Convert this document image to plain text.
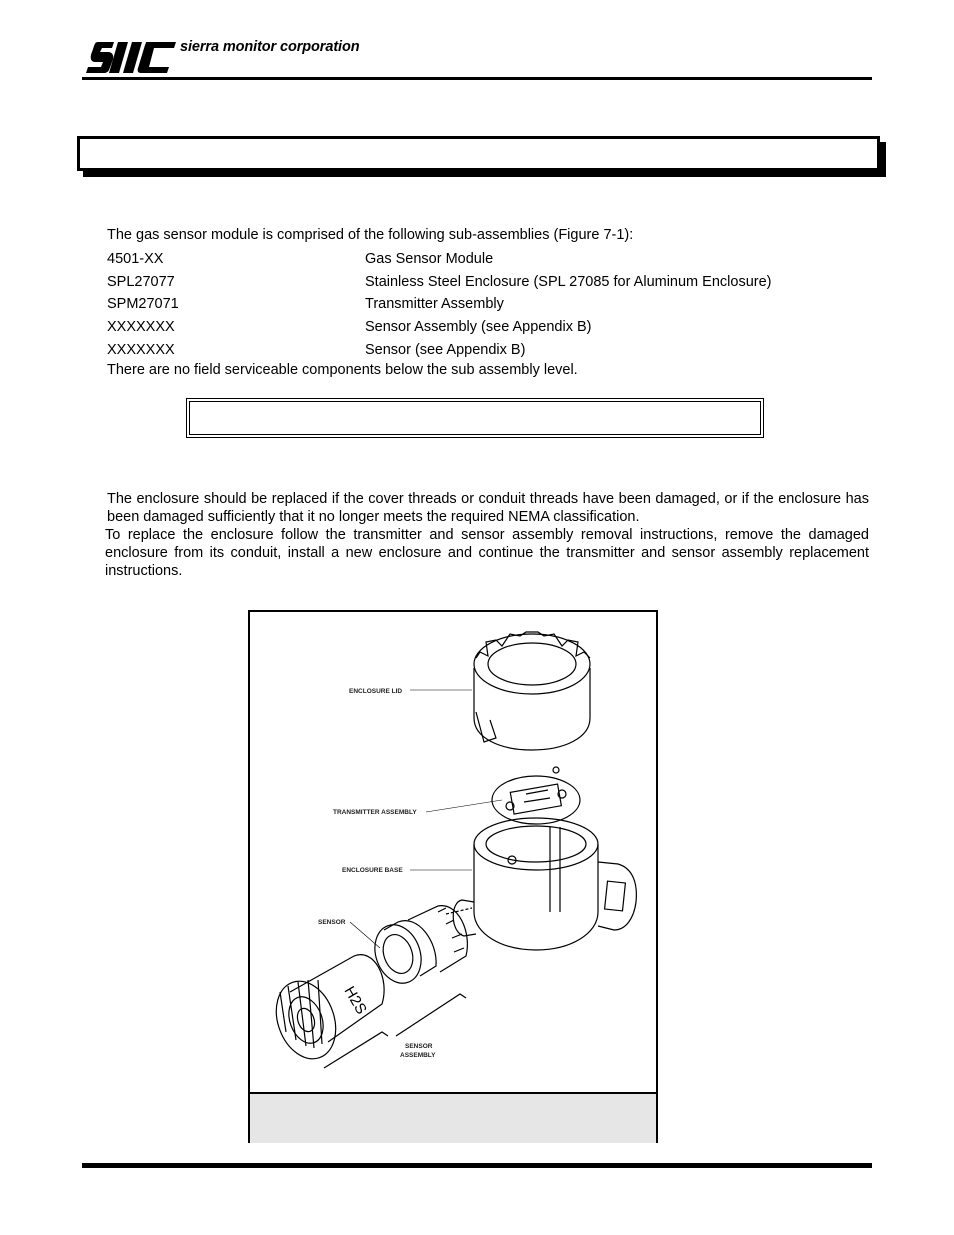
sierra monitor corporation
The gas sensor module is comprised of the following sub-assemblies (Figure 7-1):
4501-XX	Gas Sensor Module
SPL27077	Stainless Steel Enclosure (SPL 27085 for Aluminum Enclosure)
SPM27071	Transmitter Assembly
XXXXXXX	Sensor Assembly (see Appendix B)
XXXXXXX	Sensor (see Appendix B)
There are no field serviceable components below the sub assembly level.
The enclosure should be replaced if the cover threads or conduit threads have been damaged, or if the enclosure has been damaged sufficiently that it no longer meets the required NEMA classification.
To replace the enclosure follow the transmitter and sensor assembly removal instructions, remove the damaged enclosure from its conduit, install a new enclosure and continue the transmitter and sensor assembly replacement instructions.
ENCLOSURE LID
TRANSMITTER ASSEMBLY
ENCLOSURE BASE
SENSOR
SENSOR
ASSEMBLY
H2S
